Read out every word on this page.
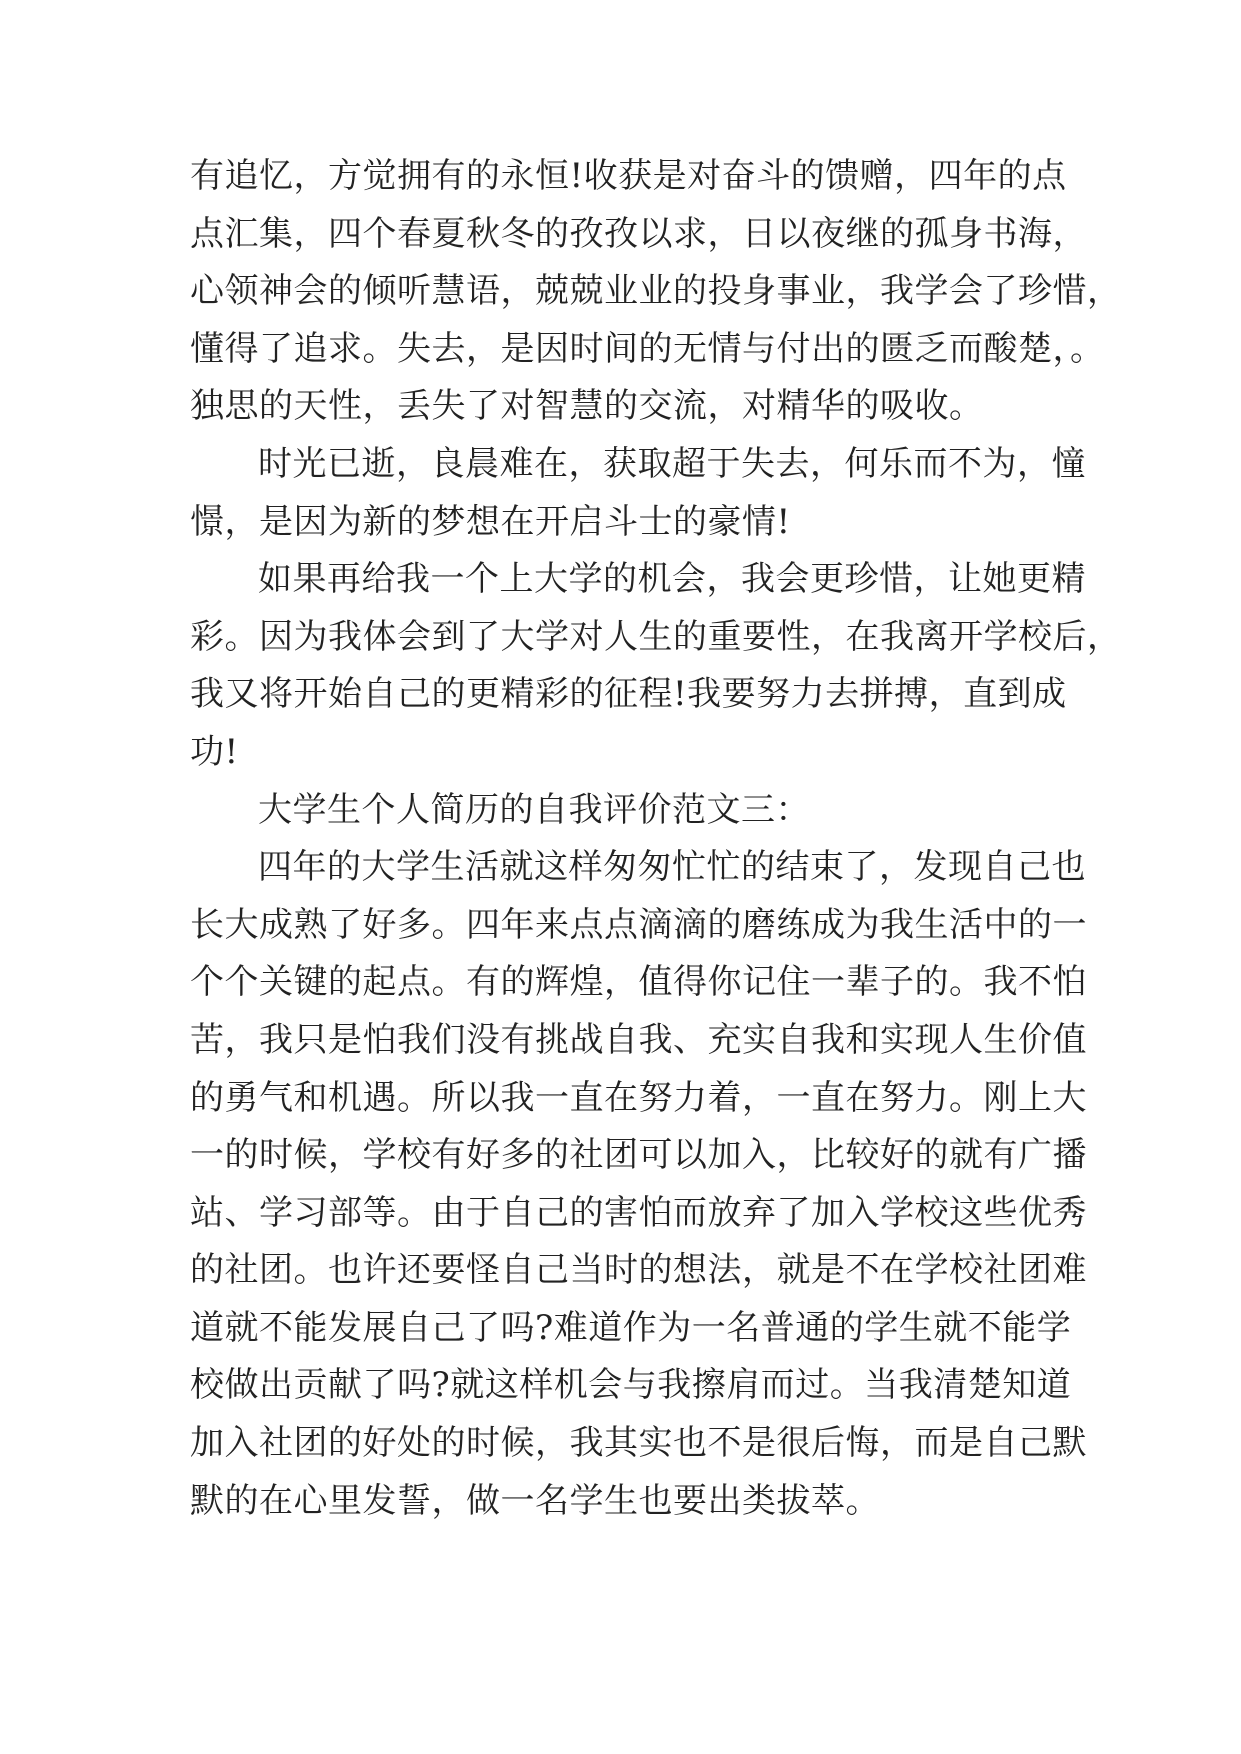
有追忆，方觉拥有的永恒!收获是对奋斗的馈赠，四年的点
点汇集，四个春夏秋冬的孜孜以求，日以夜继的孤身书海，
心领神会的倾听慧语，兢兢业业的投身事业，我学会了珍惜，
懂得了追求。失去，是因时间的无情与付出的匮乏而酸楚，。
独思的天性，丢失了对智慧的交流，对精华的吸收。
时光已逝，良晨难在，获取超于失去，何乐而不为，憧
憬，是因为新的梦想在开启斗士的豪情!
如果再给我一个上大学的机会，我会更珍惜，让她更精
彩。因为我体会到了大学对人生的重要性，在我离开学校后，
我又将开始自己的更精彩的征程!我要努力去拼搏，直到成
功!
大学生个人简历的自我评价范文三：
四年的大学生活就这样匆匆忙忙的结束了，发现自己也
长大成熟了好多。四年来点点滴滴的磨练成为我生活中的一
个个关键的起点。有的辉煌，值得你记住一辈子的。我不怕
苦，我只是怕我们没有挑战自我、充实自我和实现人生价值
的勇气和机遇。所以我一直在努力着，一直在努力。刚上大
一的时候，学校有好多的社团可以加入，比较好的就有广播
站、学习部等。由于自己的害怕而放弃了加入学校这些优秀
的社团。也许还要怪自己当时的想法，就是不在学校社团难
道就不能发展自己了吗?难道作为一名普通的学生就不能学
校做出贡献了吗?就这样机会与我擦肩而过。当我清楚知道
加入社团的好处的时候，我其实也不是很后悔，而是自己默
默的在心里发誓，做一名学生也要出类拔萃。
